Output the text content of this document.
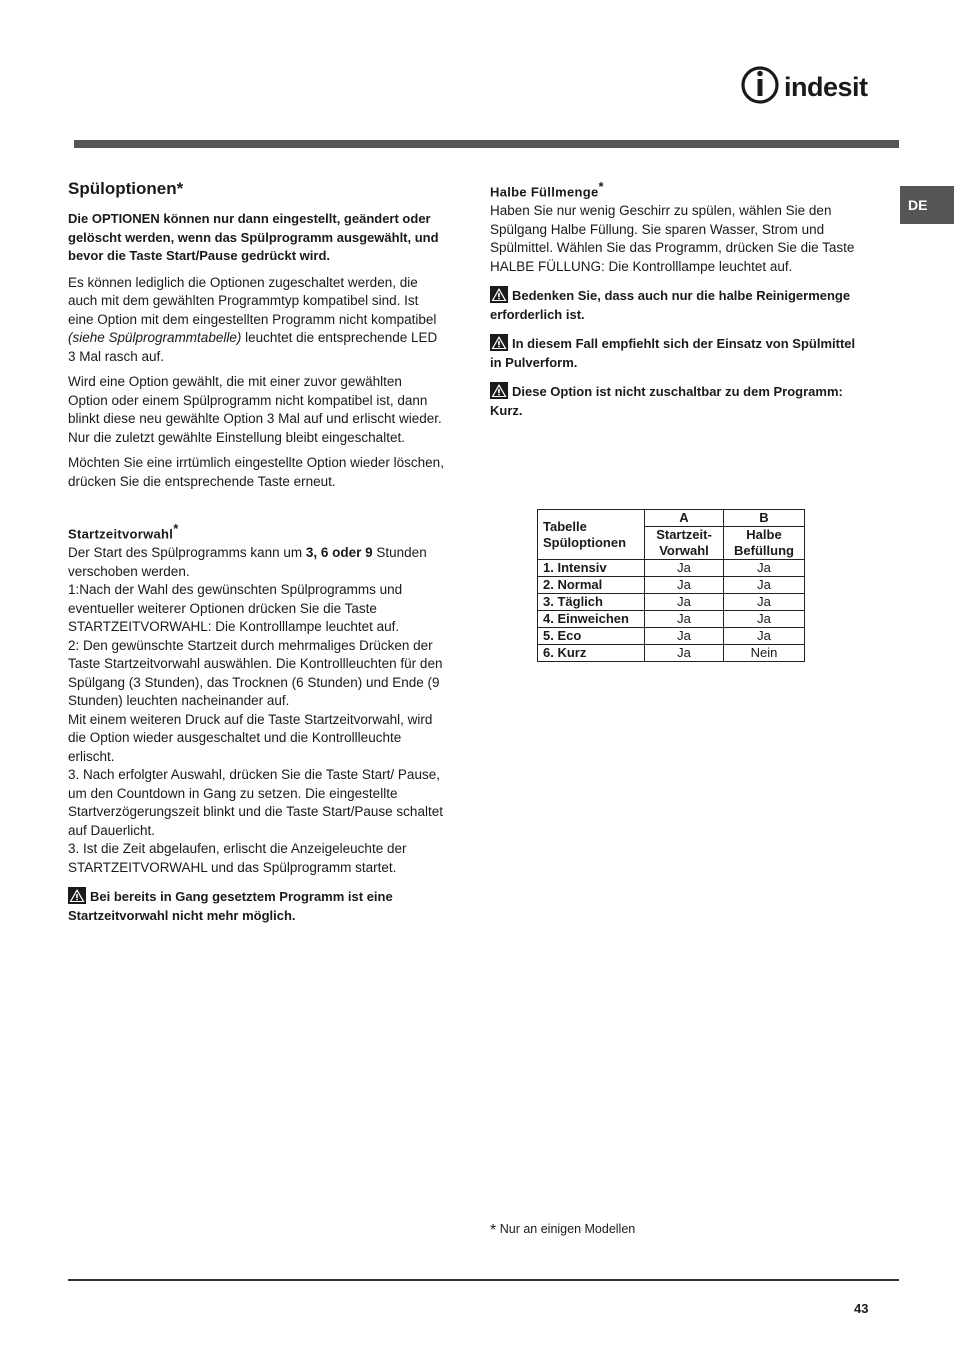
indesit
DE
Spüloptionen*

Die OPTIONEN können nur dann eingestellt, geändert oder gelöscht werden, wenn das Spülprogramm ausgewählt, und bevor die Taste Start/Pause gedrückt wird.

Es können lediglich die Optionen zugeschaltet werden, die auch mit dem gewählten Programmtyp kompatibel sind. Ist eine Option mit dem eingestellten Programm nicht kompatibel (siehe Spülprogrammtabelle) leuchtet die entsprechende LED 3 Mal rasch auf.

Wird eine Option gewählt, die mit einer zuvor gewählten Option oder einem Spülprogramm nicht kompatibel ist, dann blinkt diese neu gewählte Option 3 Mal auf und erlischt wieder. Nur die zuletzt gewählte Einstellung bleibt eingeschaltet.

Möchten Sie eine irrtümlich eingestellte Option wieder löschen, drücken Sie die entsprechende Taste erneut.

Startzeitvorwahl*

Der Start des Spülprogramms kann um 3, 6 oder 9 Stunden verschoben werden.

1:Nach der Wahl des gewünschten Spülprogramms und eventueller weiterer Optionen drücken Sie die Taste STARTZEITVORWAHL: Die Kontrolllampe leuchtet auf.

2: Den gewünschte Startzeit durch mehrmaliges Drücken der Taste Startzeitvorwahl auswählen. Die Kontrollleuchten für den Spülgang (3 Stunden), das Trocknen (6 Stunden) und Ende (9 Stunden) leuchten nacheinander auf.

Mit einem weiteren Druck auf die Taste Startzeitvorwahl, wird die Option wieder ausgeschaltet und die Kontrollleuchte erlischt.

3. Nach erfolgter Auswahl, drücken Sie die Taste Start/ Pause, um den Countdown in Gang zu setzen. Die eingestellte Startverzögerungszeit blinkt und die Taste Start/Pause schaltet auf Dauerlicht.

3. Ist die Zeit abgelaufen, erlischt die Anzeigeleuchte der STARTZEITVORWAHL und das Spülprogramm startet.

Bei bereits in Gang gesetztem Programm ist eine Startzeitvorwahl nicht mehr möglich.

Halbe Füllmenge*

Haben Sie nur wenig Geschirr zu spülen, wählen Sie den Spülgang Halbe Füllung. Sie sparen Wasser, Strom und Spülmittel. Wählen Sie das Programm, drücken Sie die Taste HALBE FÜLLUNG: Die Kontrolllampe leuchtet auf.

Bedenken Sie, dass auch nur die halbe Reinigermenge erforderlich ist.

In diesem Fall empfiehlt sich der Einsatz von Spülmittel in Pulverform.

Diese Option ist nicht zuschaltbar zu dem Programm: Kurz.

Tabelle Spüloptionen	A	B
	Startzeit-Vorwahl	Halbe Befüllung
1. Intensiv	Ja	Ja
2. Normal	Ja	Ja
3. Täglich	Ja	Ja
4. Einweichen	Ja	Ja
5. Eco	Ja	Ja
6. Kurz	Ja	Nein
* Nur an einigen Modellen
43
